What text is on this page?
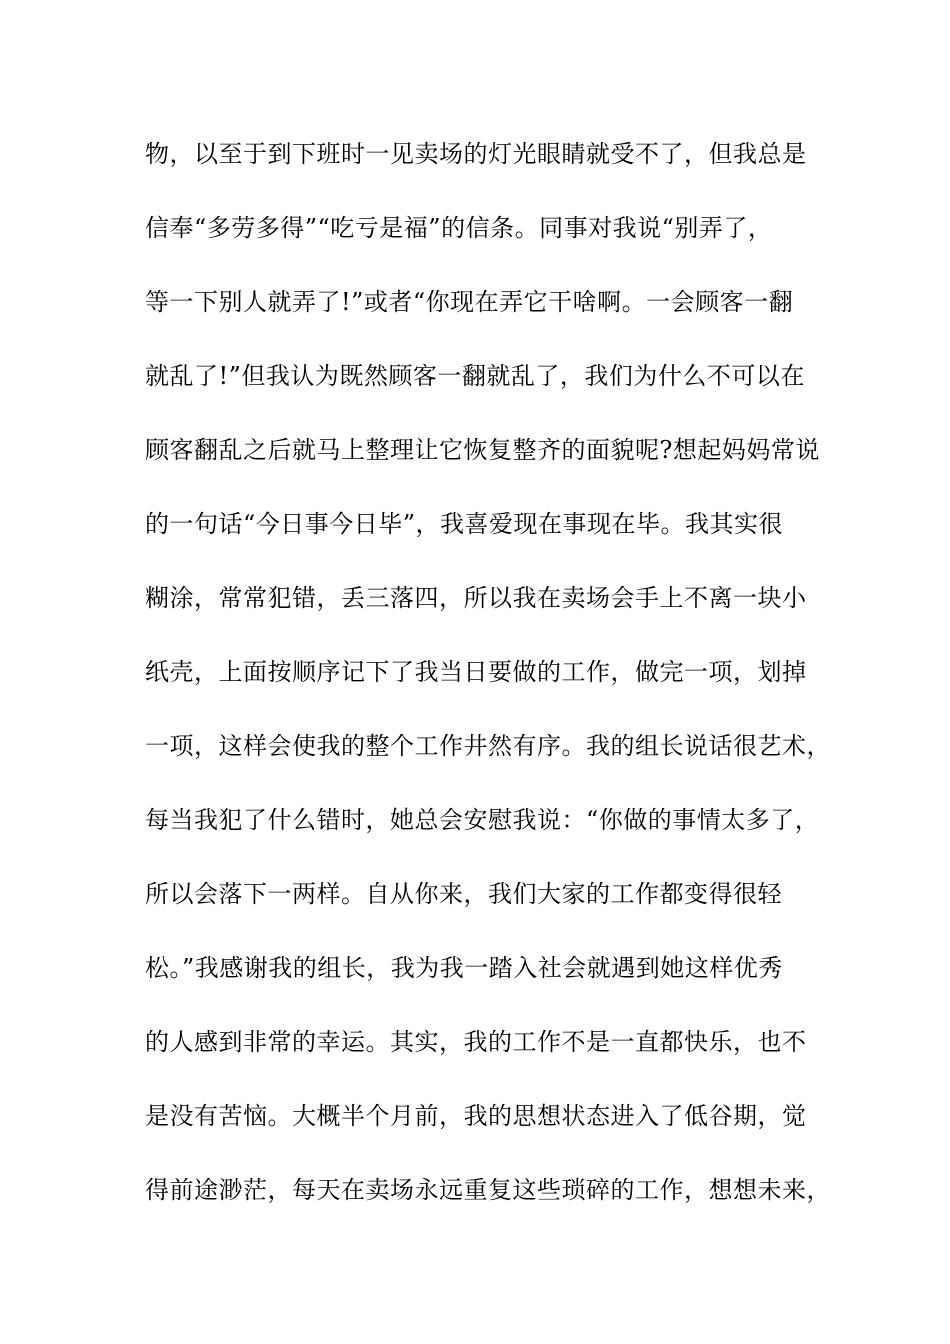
物，以至于到下班时一见卖场的灯光眼睛就受不了，但我总是
信奉“多劳多得”“吃亏是福”的信条。同事对我说“别弄了，
等一下别人就弄了!”或者“你现在弄它干啥啊。一会顾客一翻
就乱了!”但我认为既然顾客一翻就乱了，我们为什么不可以在
顾客翻乱之后就马上整理让它恢复整齐的面貌呢?想起妈妈常说
的一句话“今日事今日毕”，我喜爱现在事现在毕。我其实很
糊涂，常常犯错，丢三落四，所以我在卖场会手上不离一块小
纸壳，上面按顺序记下了我当日要做的工作，做完一项，划掉
一项，这样会使我的整个工作井然有序。我的组长说话很艺术，
每当我犯了什么错时，她总会安慰我说：“你做的事情太多了，
所以会落下一两样。自从你来，我们大家的工作都变得很轻
松。”我感谢我的组长，我为我一踏入社会就遇到她这样优秀
的人感到非常的幸运。其实，我的工作不是一直都快乐，也不
是没有苦恼。大概半个月前，我的思想状态进入了低谷期，觉
得前途渺茫，每天在卖场永远重复这些琐碎的工作，想想未来，
